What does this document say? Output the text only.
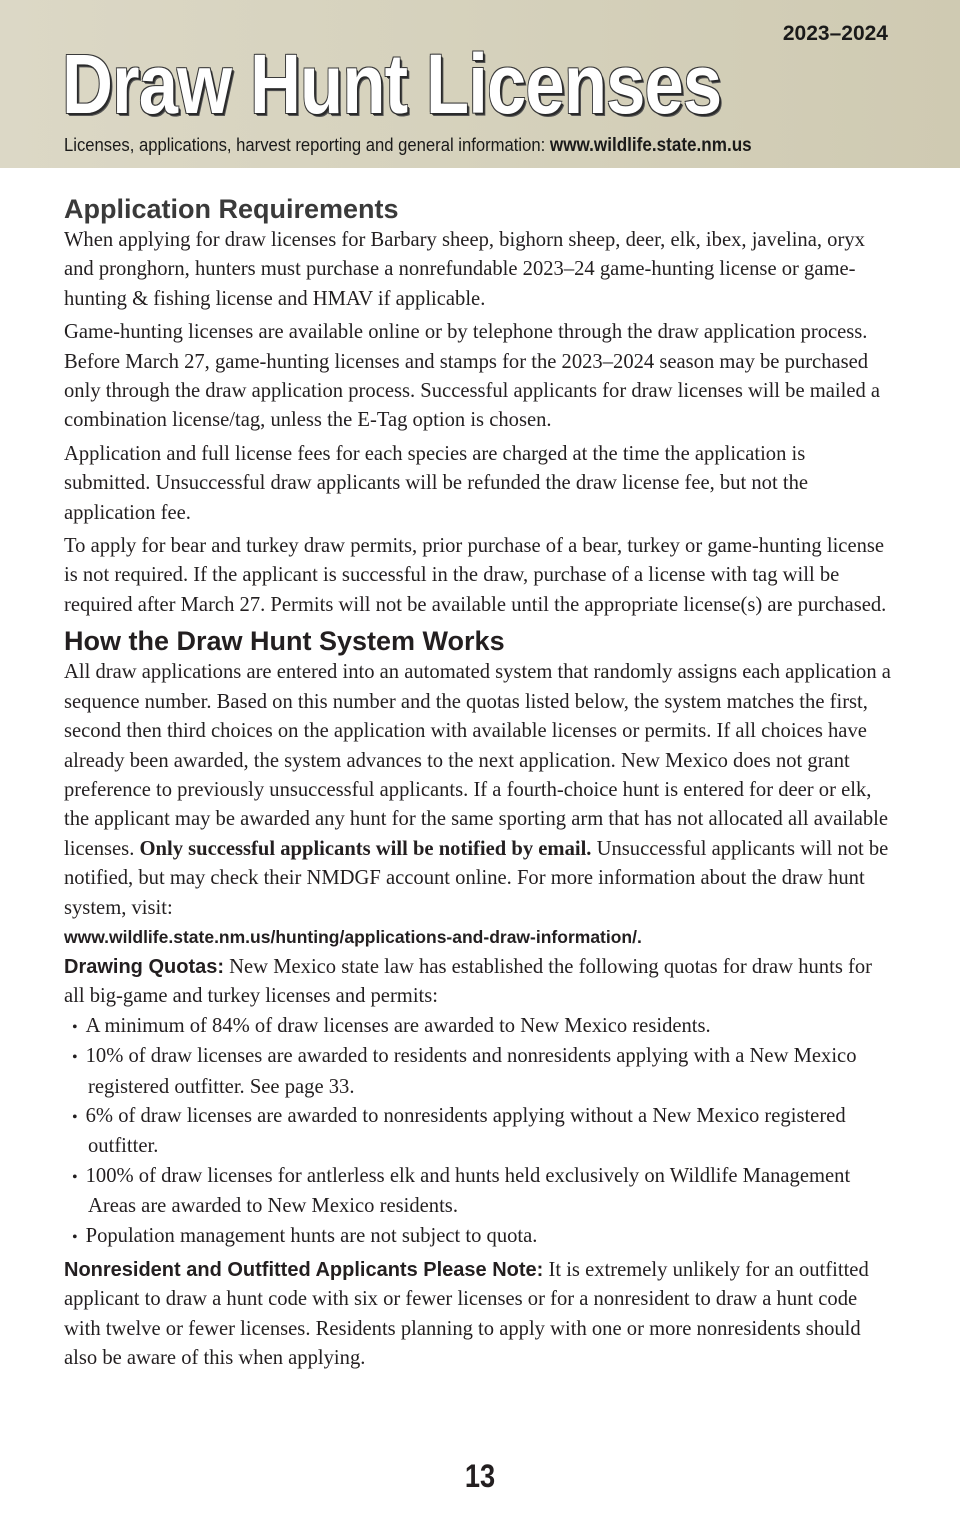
2023–2024
Draw Hunt Licenses
Licenses, applications, harvest reporting and general information: www.wildlife.state.nm.us
Application Requirements

When applying for draw licenses for Barbary sheep, bighorn sheep, deer, elk, ibex, javelina, oryx and pronghorn, hunters must purchase a nonrefundable 2023–24 game-hunting license or game-hunting & fishing license and HMAV if applicable.

Game-hunting licenses are available online or by telephone through the draw application process. Before March 27, game-hunting licenses and stamps for the 2023–2024 season may be purchased only through the draw application process. Successful applicants for draw licenses will be mailed a combination license/tag, unless the E-Tag option is chosen.

Application and full license fees for each species are charged at the time the application is submitted. Unsuccessful draw applicants will be refunded the draw license fee, but not the application fee.

To apply for bear and turkey draw permits, prior purchase of a bear, turkey or game-hunting license is not required. If the applicant is successful in the draw, purchase of a license with tag will be required after March 27. Permits will not be available until the appropriate license(s) are purchased.

How the Draw Hunt System Works

All draw applications are entered into an automated system that randomly assigns each application a sequence number. Based on this number and the quotas listed below, the system matches the first, second then third choices on the application with available licenses or permits. If all choices have already been awarded, the system advances to the next application. New Mexico does not grant preference to previously unsuccessful applicants. If a fourth-choice hunt is entered for deer or elk, the applicant may be awarded any hunt for the same sporting arm that has not allocated all available licenses. Only successful applicants will be notified by email. Unsuccessful applicants will not be notified, but may check their NMDGF account online. For more information about the draw hunt system, visit:

www.wildlife.state.nm.us/hunting/applications-and-draw-information/.

Drawing Quotas: New Mexico state law has established the following quotas for draw hunts for all big-game and turkey licenses and permits:

• A minimum of 84% of draw licenses are awarded to New Mexico residents.
• 10% of draw licenses are awarded to residents and nonresidents applying with a New Mexico registered outfitter. See page 33.
• 6% of draw licenses are awarded to nonresidents applying without a New Mexico registered outfitter.
• 100% of draw licenses for antlerless elk and hunts held exclusively on Wildlife Management Areas are awarded to New Mexico residents.
• Population management hunts are not subject to quota.

Nonresident and Outfitted Applicants Please Note: It is extremely unlikely for an outfitted applicant to draw a hunt code with six or fewer licenses or for a nonresident to draw a hunt code with twelve or fewer licenses. Residents planning to apply with one or more nonresidents should also be aware of this when applying.

13
